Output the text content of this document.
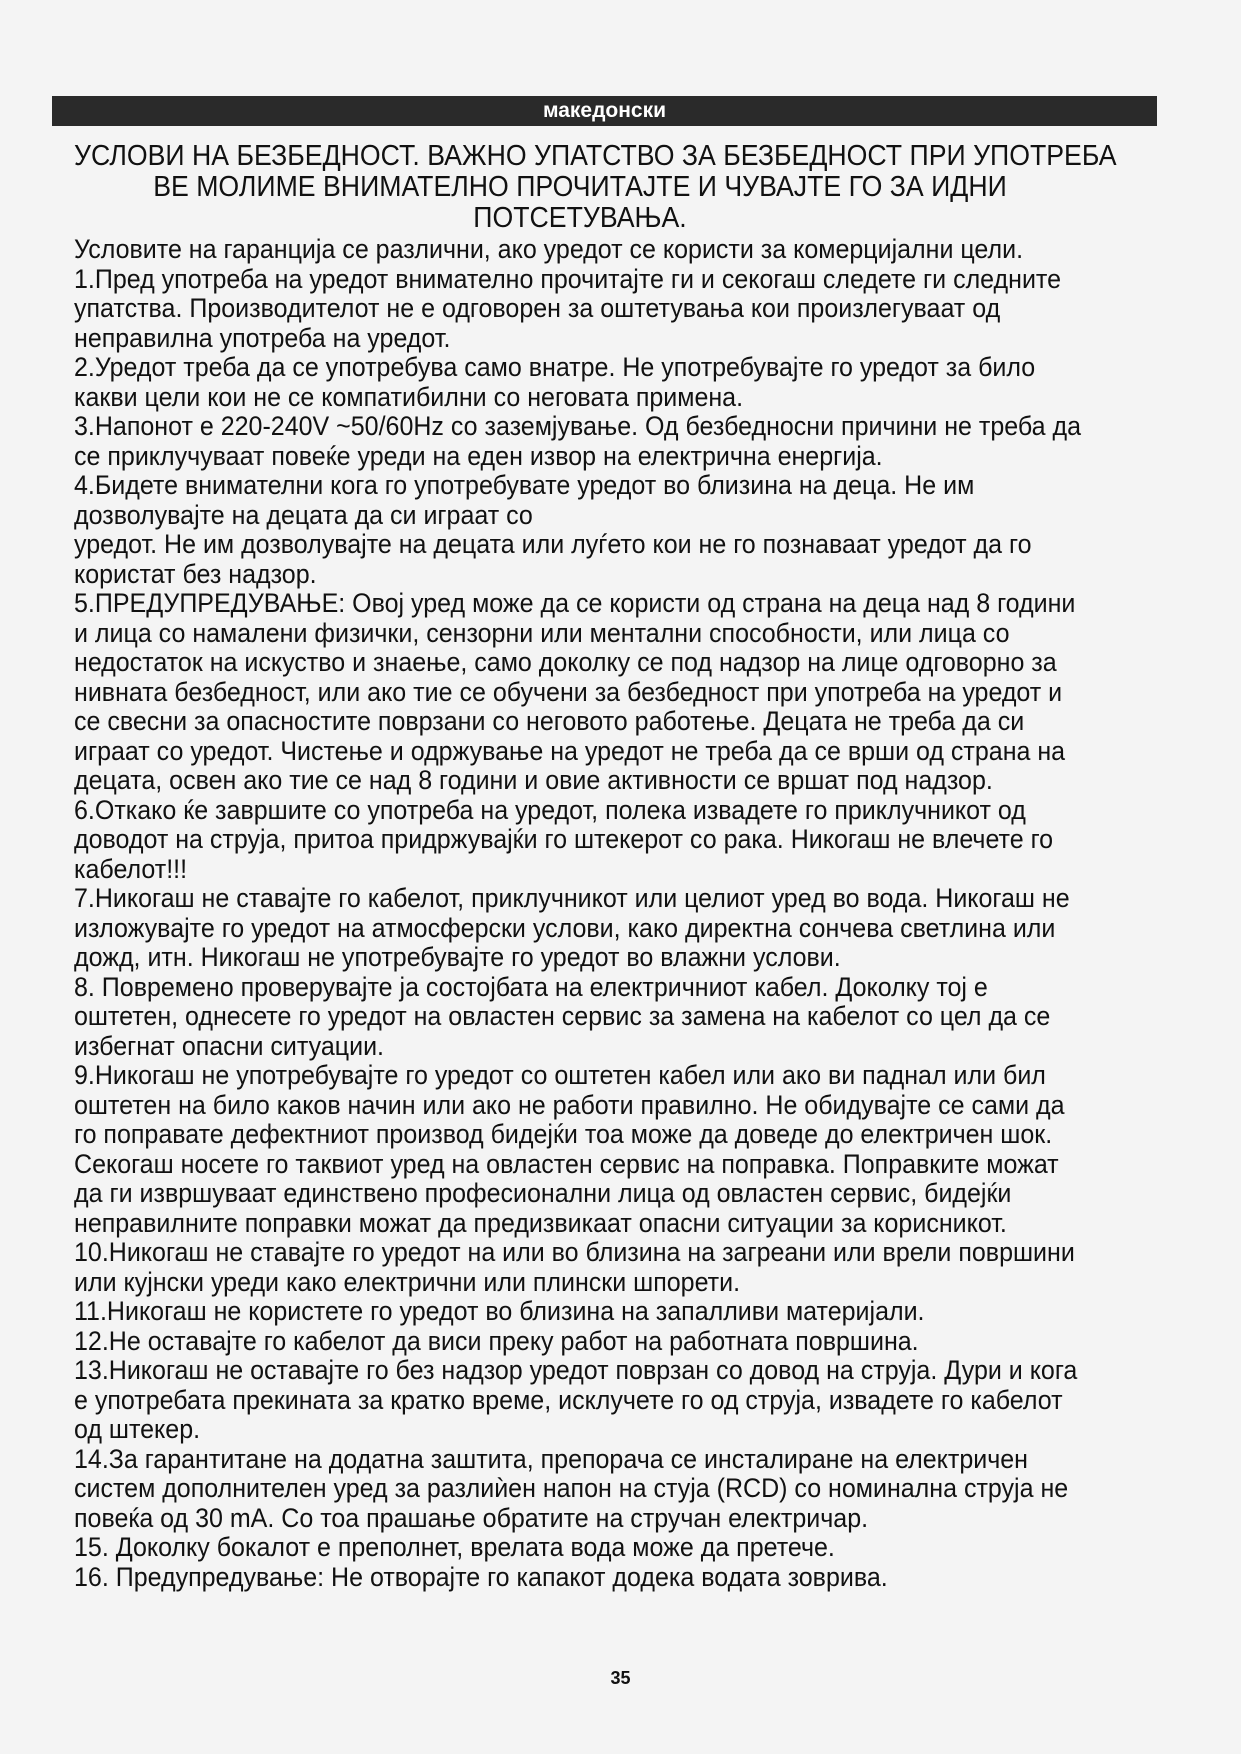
македонски
УСЛОВИ НА БЕЗБЕДНОСТ. ВАЖНО УПАТСТВО ЗА БЕЗБЕДНОСТ ПРИ УПОТРЕБА
ВЕ МОЛИМЕ ВНИМАТЕЛНО ПРОЧИТАЈТЕ И ЧУВАЈТЕ ГО ЗА ИДНИ
ПОТСЕТУВАЊА.

Условите на гаранција се различни, ако уредот се користи за комерцијални цели.

1.Пред употреба на уредот внимателно прочитајте ги и секогаш следете ги следните упатства. Производителот не е одговорен за оштетувања кои произлегуваат од неправилна употреба на уредот.

2.Уредот треба да се употребува само внатре. Не употребувајте го уредот за било какви цели кои не се компатибилни со неговата примена.

3.Напонот е 220-240V ~50/60Hz со заземјување. Од безбедносни причини не треба да се приклучуваат повеќе уреди на еден извор на електрична енергија.

4.Бидете внимателни кога го употребувате уредот во близина на деца. Не им дозволувајте на децата да си играат со

уредот. Не им дозволувајте на децата или луѓето кои не го познаваат уредот да го користат без надзор.

5.ПРЕДУПРЕДУВАЊЕ: Овој уред може да се користи од страна на деца над 8 години и лица со намалени физички, сензорни или ментални способности, или лица со недостаток на искуство и знаење, само доколку се под надзор на лице одговорно за нивната безбедност, или ако тие се обучени за безбедност при употреба на уредот и се свесни за опасностите поврзани со неговото работење. Децата не треба да си играат со уредот. Чистење и одржување на уредот не треба да се врши од страна на децата, освен ако тие се над 8 години и овие активности се вршат под надзор.

6.Откако ќе завршите со употреба на уредот, полека извадете го приклучникот од доводот на струја, притоа придржувајќи го штекерот со рака. Никогаш не влечете го кабелот!!!

7.Никогаш не ставајте го кабелот, приклучникот или целиот уред во вода. Никогаш не изложувајте го уредот на атмосферски услови, како директна сончева светлина или дожд, итн. Никогаш не употребувајте го уредот во влажни услови.

8. Повремено проверувајте ја состојбата на електричниот кабел. Доколку тој е оштетен, однесете го уредот на овластен сервис за замена на кабелот со цел да се избегнат опасни ситуации.

9.Никогаш не употребувајте го уредот со оштетен кабел или ако ви паднал или бил оштетен на било каков начин или ако не работи правилно. Не обидувајте се сами да го поправате дефектниот производ бидејќи тоа може да доведе до електричен шок. Секогаш носете го таквиот уред на овластен сервис на поправка. Поправките можат да ги извршуваат единствено професионални лица од овластен сервис, бидејќи неправилните поправки можат да предизвикаат опасни ситуации за корисникот.

10.Никогаш не ставајте го уредот на или во близина на загреани или врели површини или кујнски уреди како електрични или плински шпорети.

11.Никогаш не користете го уредот во близина на запалливи материјали.

12.Не оставајте го кабелот да виси преку работ на работната површина.

13.Никогаш не оставајте го без надзор уредот поврзан со довод на струја. Дури и кога е употребата прекината за кратко време, исклучете го од струја, извадете го кабелот од штекер.

14.За гарантитане на додатна заштита, препорача се инсталиране на електричен систем дополнителен уред за разлиѝен напон на стуја (RCD) со номинална струја не повеќа од 30 mA. Со тоа прашање обратите на стручан електричар.

15. Доколку бокалот е преполнет, врелата вода може да претече.

16. Предупредување: Не отворајте го капакот додека водата зоврива.

35
